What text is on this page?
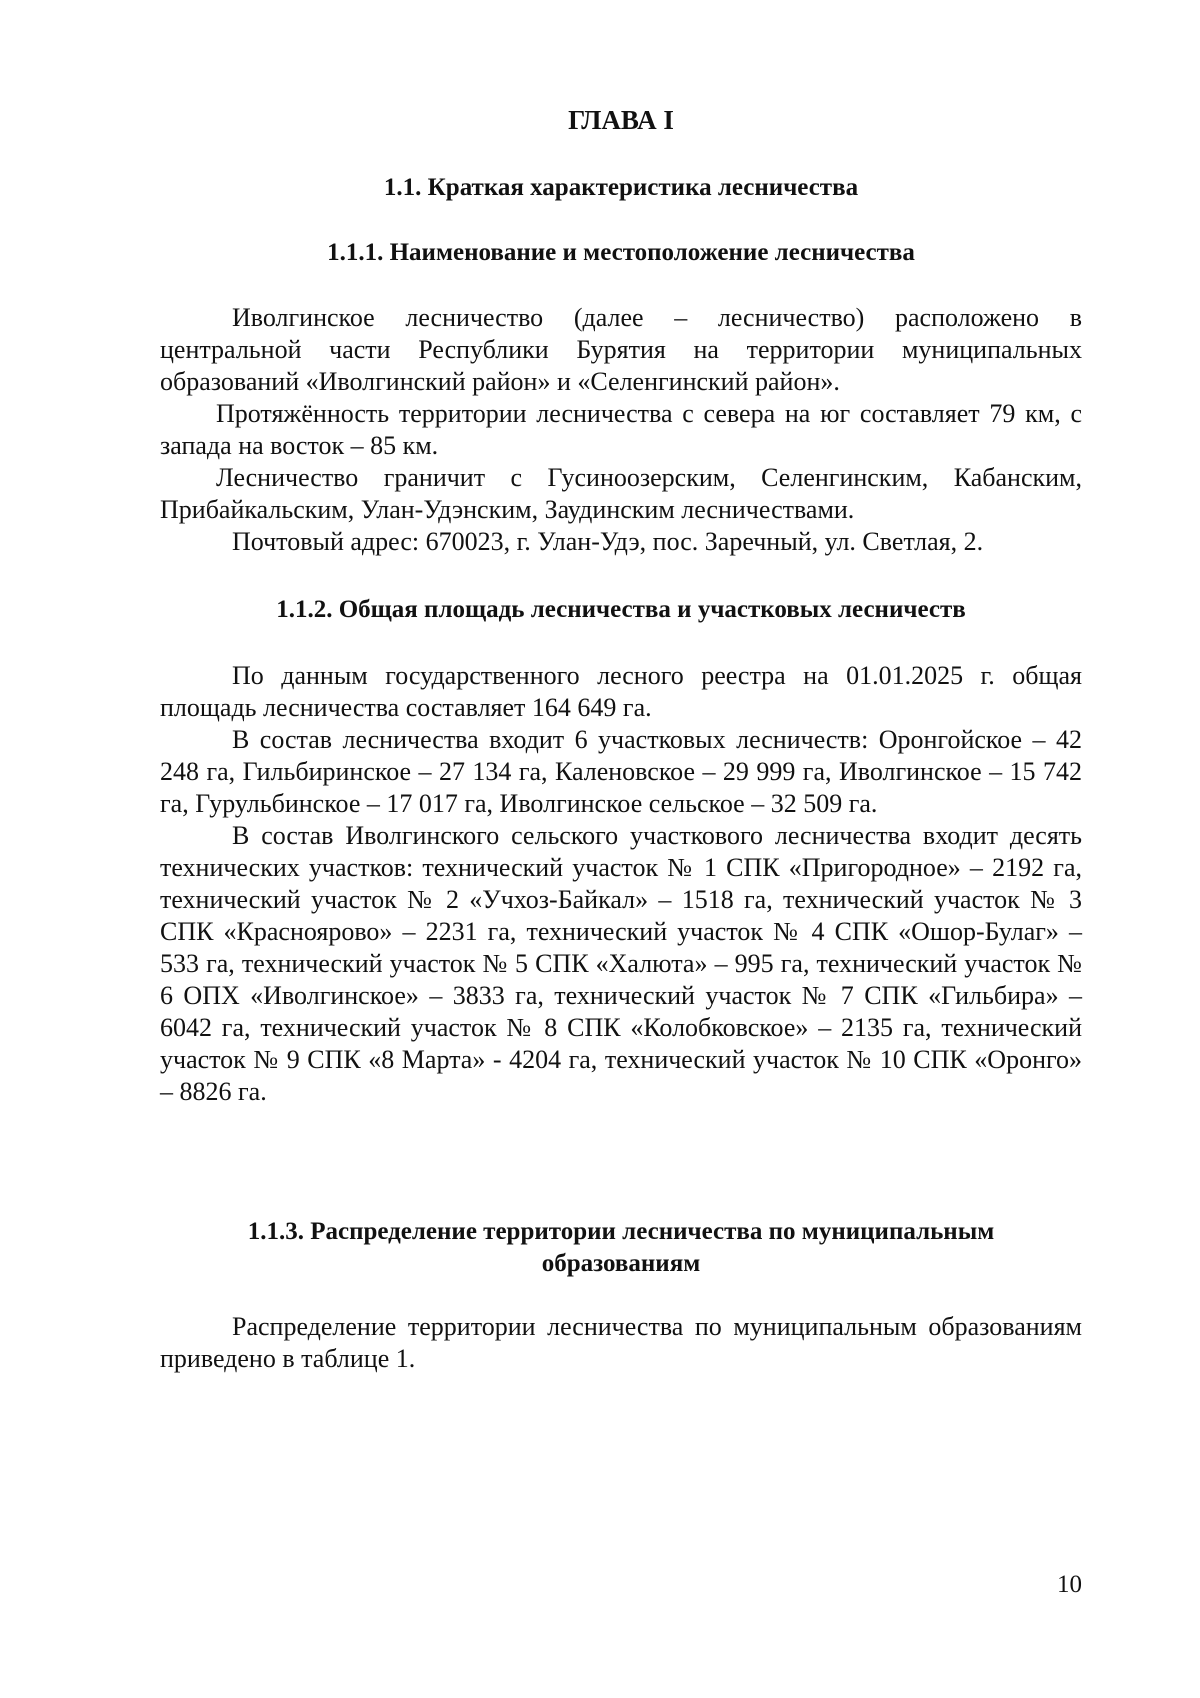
ГЛАВА I
1.1. Краткая характеристика лесничества
1.1.1. Наименование и местоположение лесничества

Иволгинское лесничество (далее – лесничество) расположено в центральной части Республики Бурятия на территории муниципальных образований «Иволгинский район» и «Селенгинский район».

Протяжённость территории лесничества с севера на юг составляет 79 км, с запада на восток – 85 км.

Лесничество граничит с Гусиноозерским, Селенгинским, Кабанским, Прибайкальским, Улан-Удэнским, Заудинским лесничествами.

Почтовый адрес: 670023, г. Улан-Удэ, пос. Заречный, ул. Светлая, 2.

1.1.2. Общая площадь лесничества и участковых лесничеств

По данным государственного лесного реестра на 01.01.2025 г. общая площадь лесничества составляет 164 649 га.

В состав лесничества входит 6 участковых лесничеств: Оронгойское – 42 248 га, Гильбиринское – 27 134 га, Каленовское – 29 999 га, Иволгинское – 15 742 га, Гурульбинское – 17 017 га, Иволгинское сельское – 32 509 га.

В состав Иволгинского сельского участкового лесничества входит десять технических участков: технический участок № 1 СПК «Пригородное» – 2192 га, технический участок № 2 «Учхоз-Байкал» – 1518 га, технический участок № 3 СПК «Красноярово» – 2231 га, технический участок № 4 СПК «Ошор-Булаг» – 533 га, технический участок № 5 СПК «Халюта» – 995 га, технический участок № 6 ОПХ «Иволгинское» – 3833 га, технический участок № 7 СПК «Гильбира» – 6042 га, технический участок № 8 СПК «Колобковское» – 2135 га, технический участок № 9 СПК «8 Марта» - 4204 га, технический участок № 10 СПК «Оронго» – 8826 га.

1.1.3. Распределение территории лесничества по муниципальным
образованиям

Распределение территории лесничества по муниципальным образованиям приведено в таблице 1.

10
